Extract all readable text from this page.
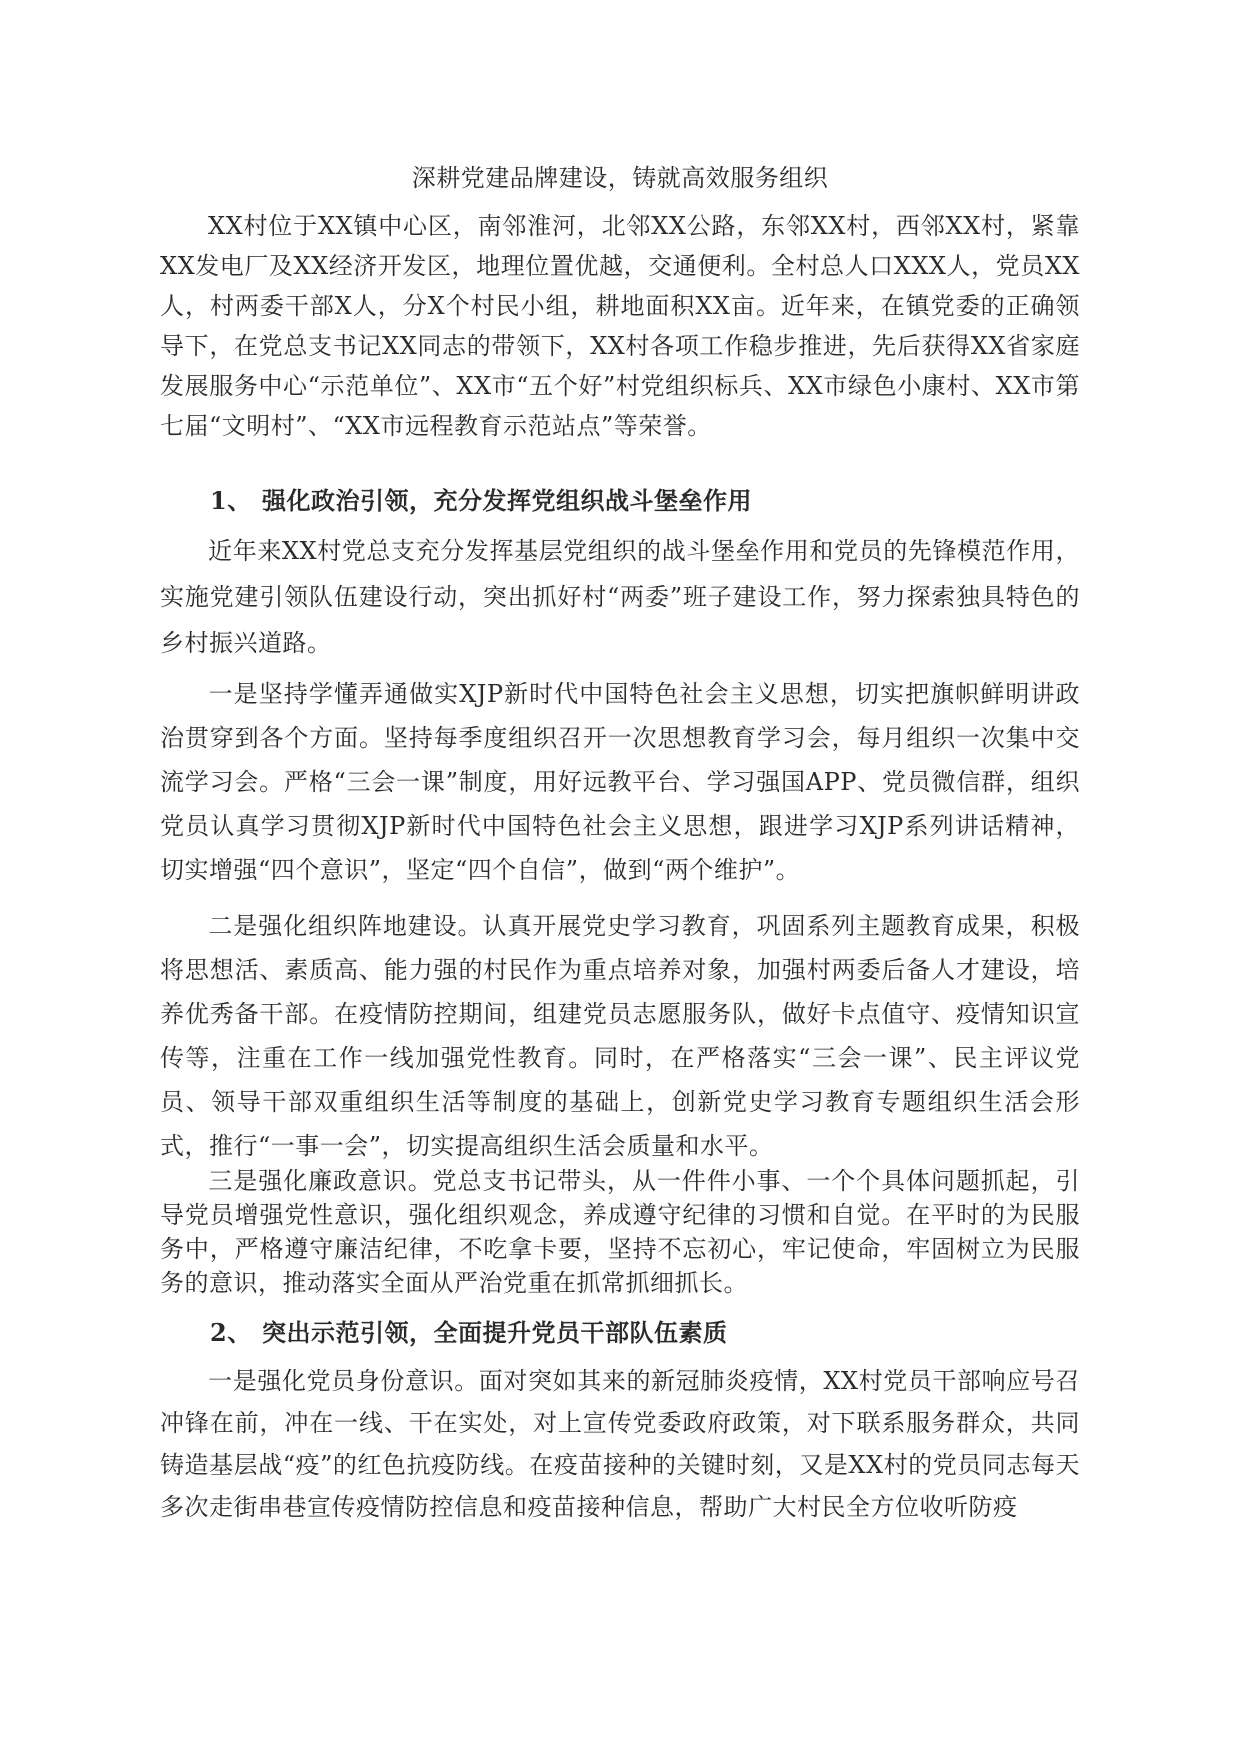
深耕党建品牌建设，铸就高效服务组织

XX村位于XX镇中心区，南邻淮河，北邻XX公路，东邻XX村，西邻XX村，紧靠XX发电厂及XX经济开发区，地理位置优越，交通便利。全村总人口XXX人，党员XX人，村两委干部X人，分X个村民小组，耕地面积XX亩。近年来，在镇党委的正确领导下，在党总支书记XX同志的带领下，XX村各项工作稳步推进，先后获得XX省家庭发展服务中心“示范单位”、XX市“五个好”村党组织标兵、XX市绿色小康村、XX市第七届“文明村”、“XX市远程教育示范站点”等荣誉。

1、 强化政治引领，充分发挥党组织战斗堡垒作用

近年来XX村党总支充分发挥基层党组织的战斗堡垒作用和党员的先锋模范作用，实施党建引领队伍建设行动，突出抓好村“两委”班子建设工作，努力探索独具特色的乡村振兴道路。

一是坚持学懂弄通做实XJP新时代中国特色社会主义思想，切实把旗帜鲜明讲政治贯穿到各个方面。坚持每季度组织召开一次思想教育学习会，每月组织一次集中交流学习会。严格“三会一课”制度，用好远教平台、学习强国APP、党员微信群，组织党员认真学习贯彻XJP新时代中国特色社会主义思想，跟进学习XJP系列讲话精神，切实增强“四个意识”，坚定“四个自信”，做到“两个维护”。

二是强化组织阵地建设。认真开展党史学习教育，巩固系列主题教育成果，积极将思想活、素质高、能力强的村民作为重点培养对象，加强村两委后备人才建设，培养优秀备干部。在疫情防控期间，组建党员志愿服务队，做好卡点值守、疫情知识宣传等，注重在工作一线加强党性教育。同时，在严格落实“三会一课”、民主评议党员、领导干部双重组织生活等制度的基础上，创新党史学习教育专题组织生活会形式，推行“一事一会”，切实提高组织生活会质量和水平。

三是强化廉政意识。党总支书记带头，从一件件小事、一个个具体问题抓起，引导党员增强党性意识，强化组织观念，养成遵守纪律的习惯和自觉。在平时的为民服务中，严格遵守廉洁纪律，不吃拿卡要，坚持不忘初心，牢记使命，牢固树立为民服务的意识，推动落实全面从严治党重在抓常抓细抓长。

2、 突出示范引领，全面提升党员干部队伍素质

一是强化党员身份意识。面对突如其来的新冠肺炎疫情，XX村党员干部响应号召冲锋在前，冲在一线、干在实处，对上宣传党委政府政策，对下联系服务群众，共同铸造基层战“疫”的红色抗疫防线。在疫苗接种的关键时刻，又是XX村的党员同志每天多次走街串巷宣传疫情防控信息和疫苗接种信息，帮助广大村民全方位收听防疫
